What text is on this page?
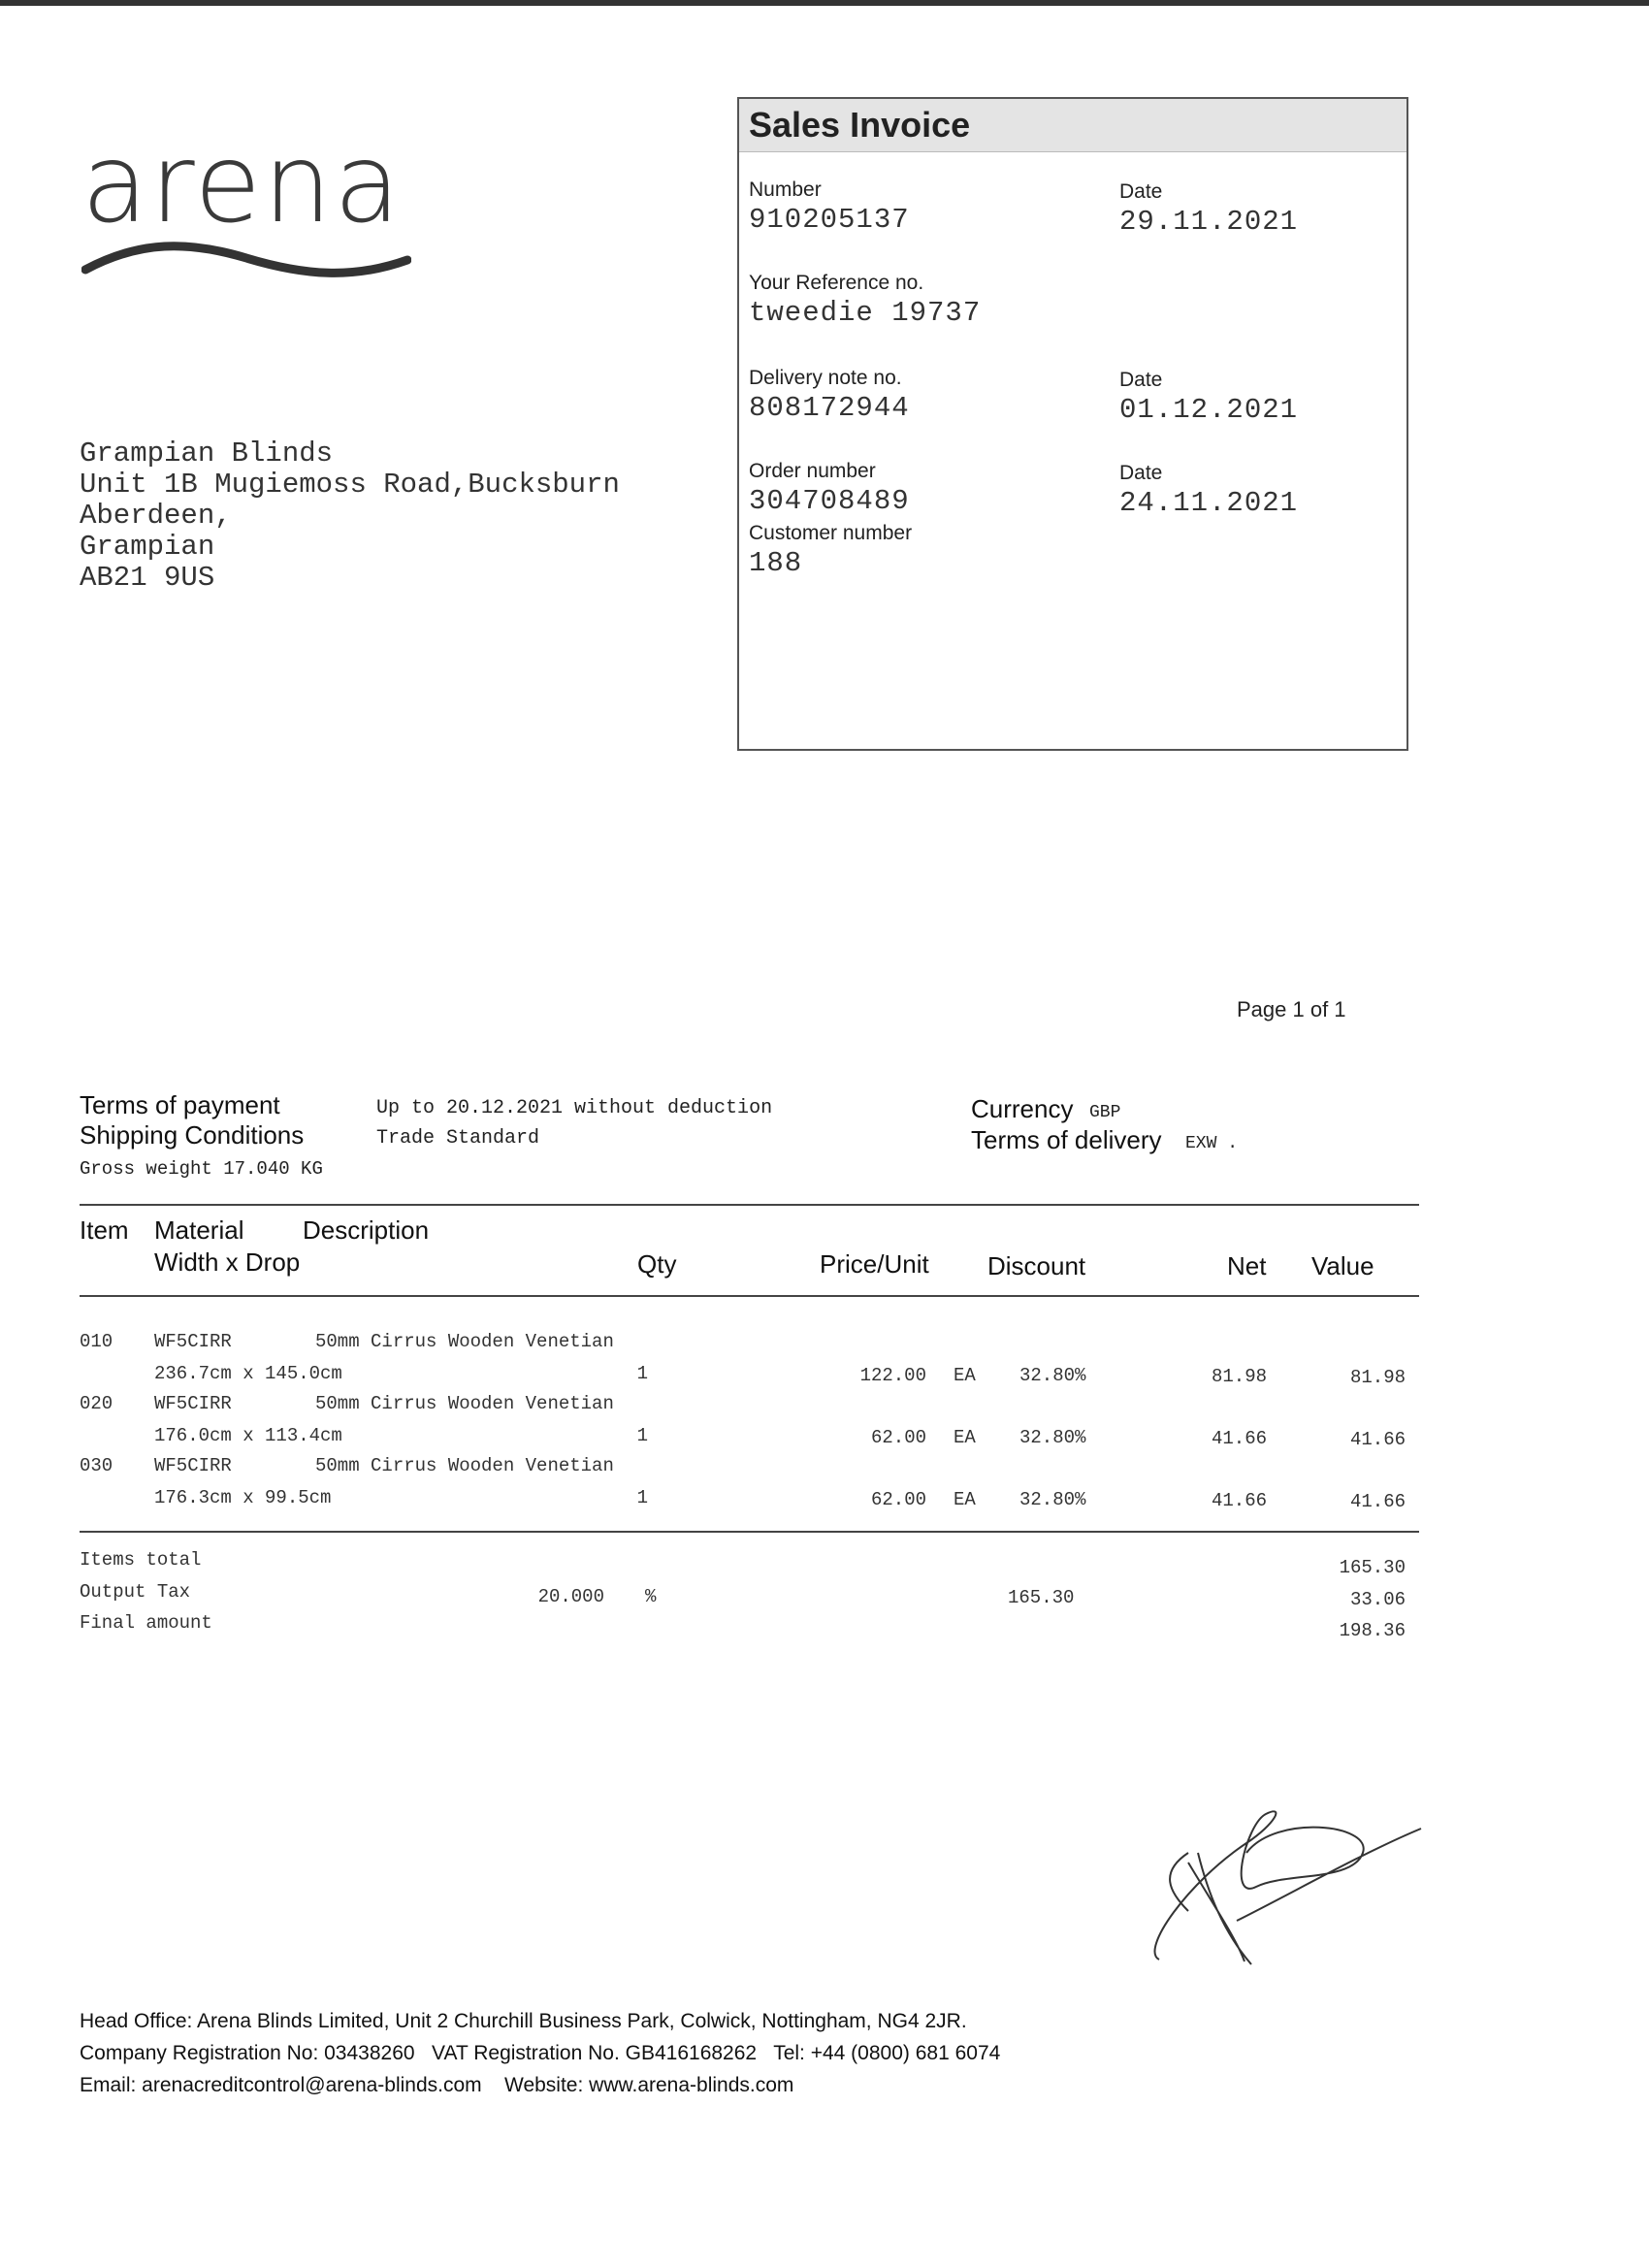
arena	Sales Invoice
Number
910205137
Date
29.11.2021
Your Reference no.
tweedie 19737
Delivery note no.
808172944
Date
01.12.2021
Order number
304708489
Date
24.11.2021
Customer number
188
Grampian Blinds
Unit 1B Mugiemoss Road,Bucksburn
Aberdeen,
Grampian
AB21 9US
Page 1 of 1
Terms of payment	Up to 20.12.2021 without deduction
Shipping Conditions	Trade Standard
Gross weight 17.040 KG
Currency GBP
Terms of delivery EXW .
Item Material Description
Width x Drop	Qty	Price/Unit Discount	Net Value
010 WF5CIRR	50mm Cirrus Wooden Venetian
236.7cm x 145.0cm	1	122.00 EA 32.80%	81.98	81.98
020 WF5CIRR	50mm Cirrus Wooden Venetian
176.0cm x 113.4cm	1	62.00 EA 32.80%	41.66	41.66
030 WF5CIRR	50mm Cirrus Wooden Venetian
176.3cm x 99.5cm	1	62.00 EA 32.80%	41.66	41.66
Items total	165.30
Output Tax	20.000 %	165.30	33.06
Final amount	198.36
Head Office: Arena Blinds Limited, Unit 2 Churchill Business Park, Colwick, Nottingham, NG4 2JR.
Company Registration No: 03438260   VAT Registration No. GB416168262   Tel: +44 (0800) 681 6074
Email: arenacreditcontrol@arena-blinds.com    Website: www.arena-blinds.com
